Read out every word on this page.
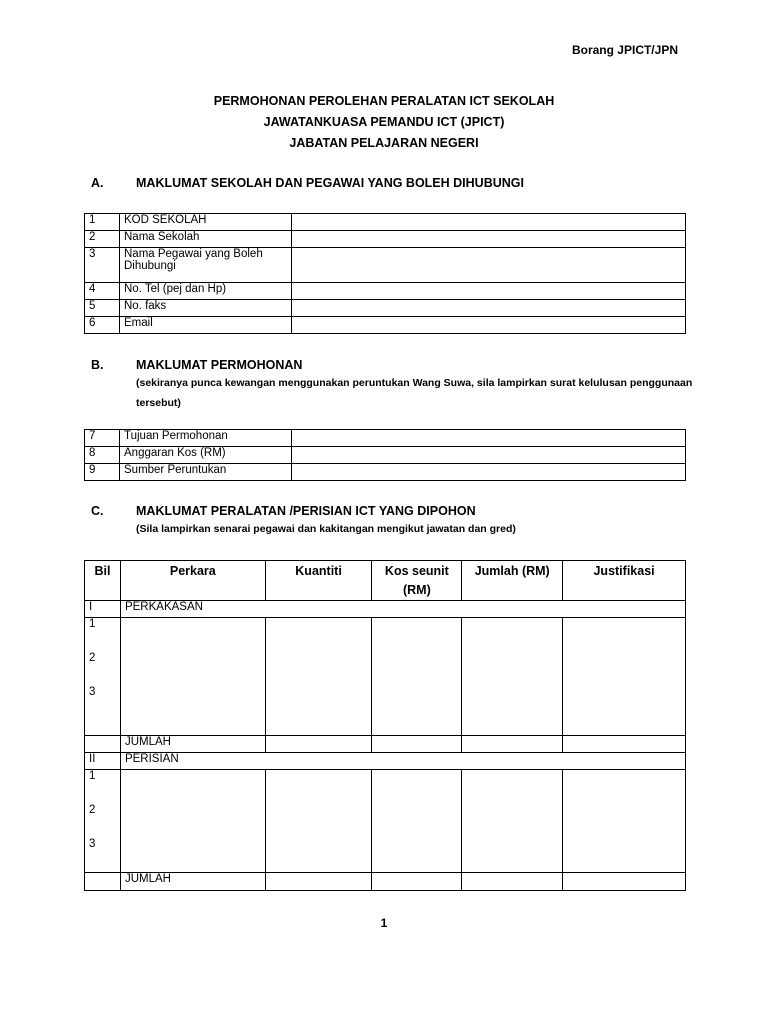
Borang JPICT/JPN
PERMOHONAN PEROLEHAN PERALATAN ICT SEKOLAH
JAWATANKUASA PEMANDU ICT (JPICT)
JABATAN PELAJARAN NEGERI
A.	MAKLUMAT SEKOLAH DAN PEGAWAI YANG BOLEH DIHUBUNGI
1	KOD SEKOLAH	
2	Nama Sekolah	
3	Nama Pegawai yang Boleh Dihubungi	
4	No. Tel (pej dan Hp)	
5	No. faks	
6	Email	
B.	MAKLUMAT PERMOHONAN
(sekiranya punca kewangan menggunakan peruntukan Wang Suwa, sila lampirkan surat kelulusan penggunaan tersebut)
7	Tujuan Permohonan	
8	Anggaran Kos (RM)	
9	Sumber Peruntukan	
C.	MAKLUMAT PERALATAN /PERISIAN ICT YANG DIPOHON
(Sila lampirkan senarai pegawai dan kakitangan mengikut jawatan dan gred)
Bil	Perkara	Kuantiti	Kos seunit (RM)	Jumlah (RM)	Justifikasi
I	PERKAKASAN				

1
2
3					

	JUMLAH				
II	PERISIAN				

1
2
3					

	JUMLAH				
1
